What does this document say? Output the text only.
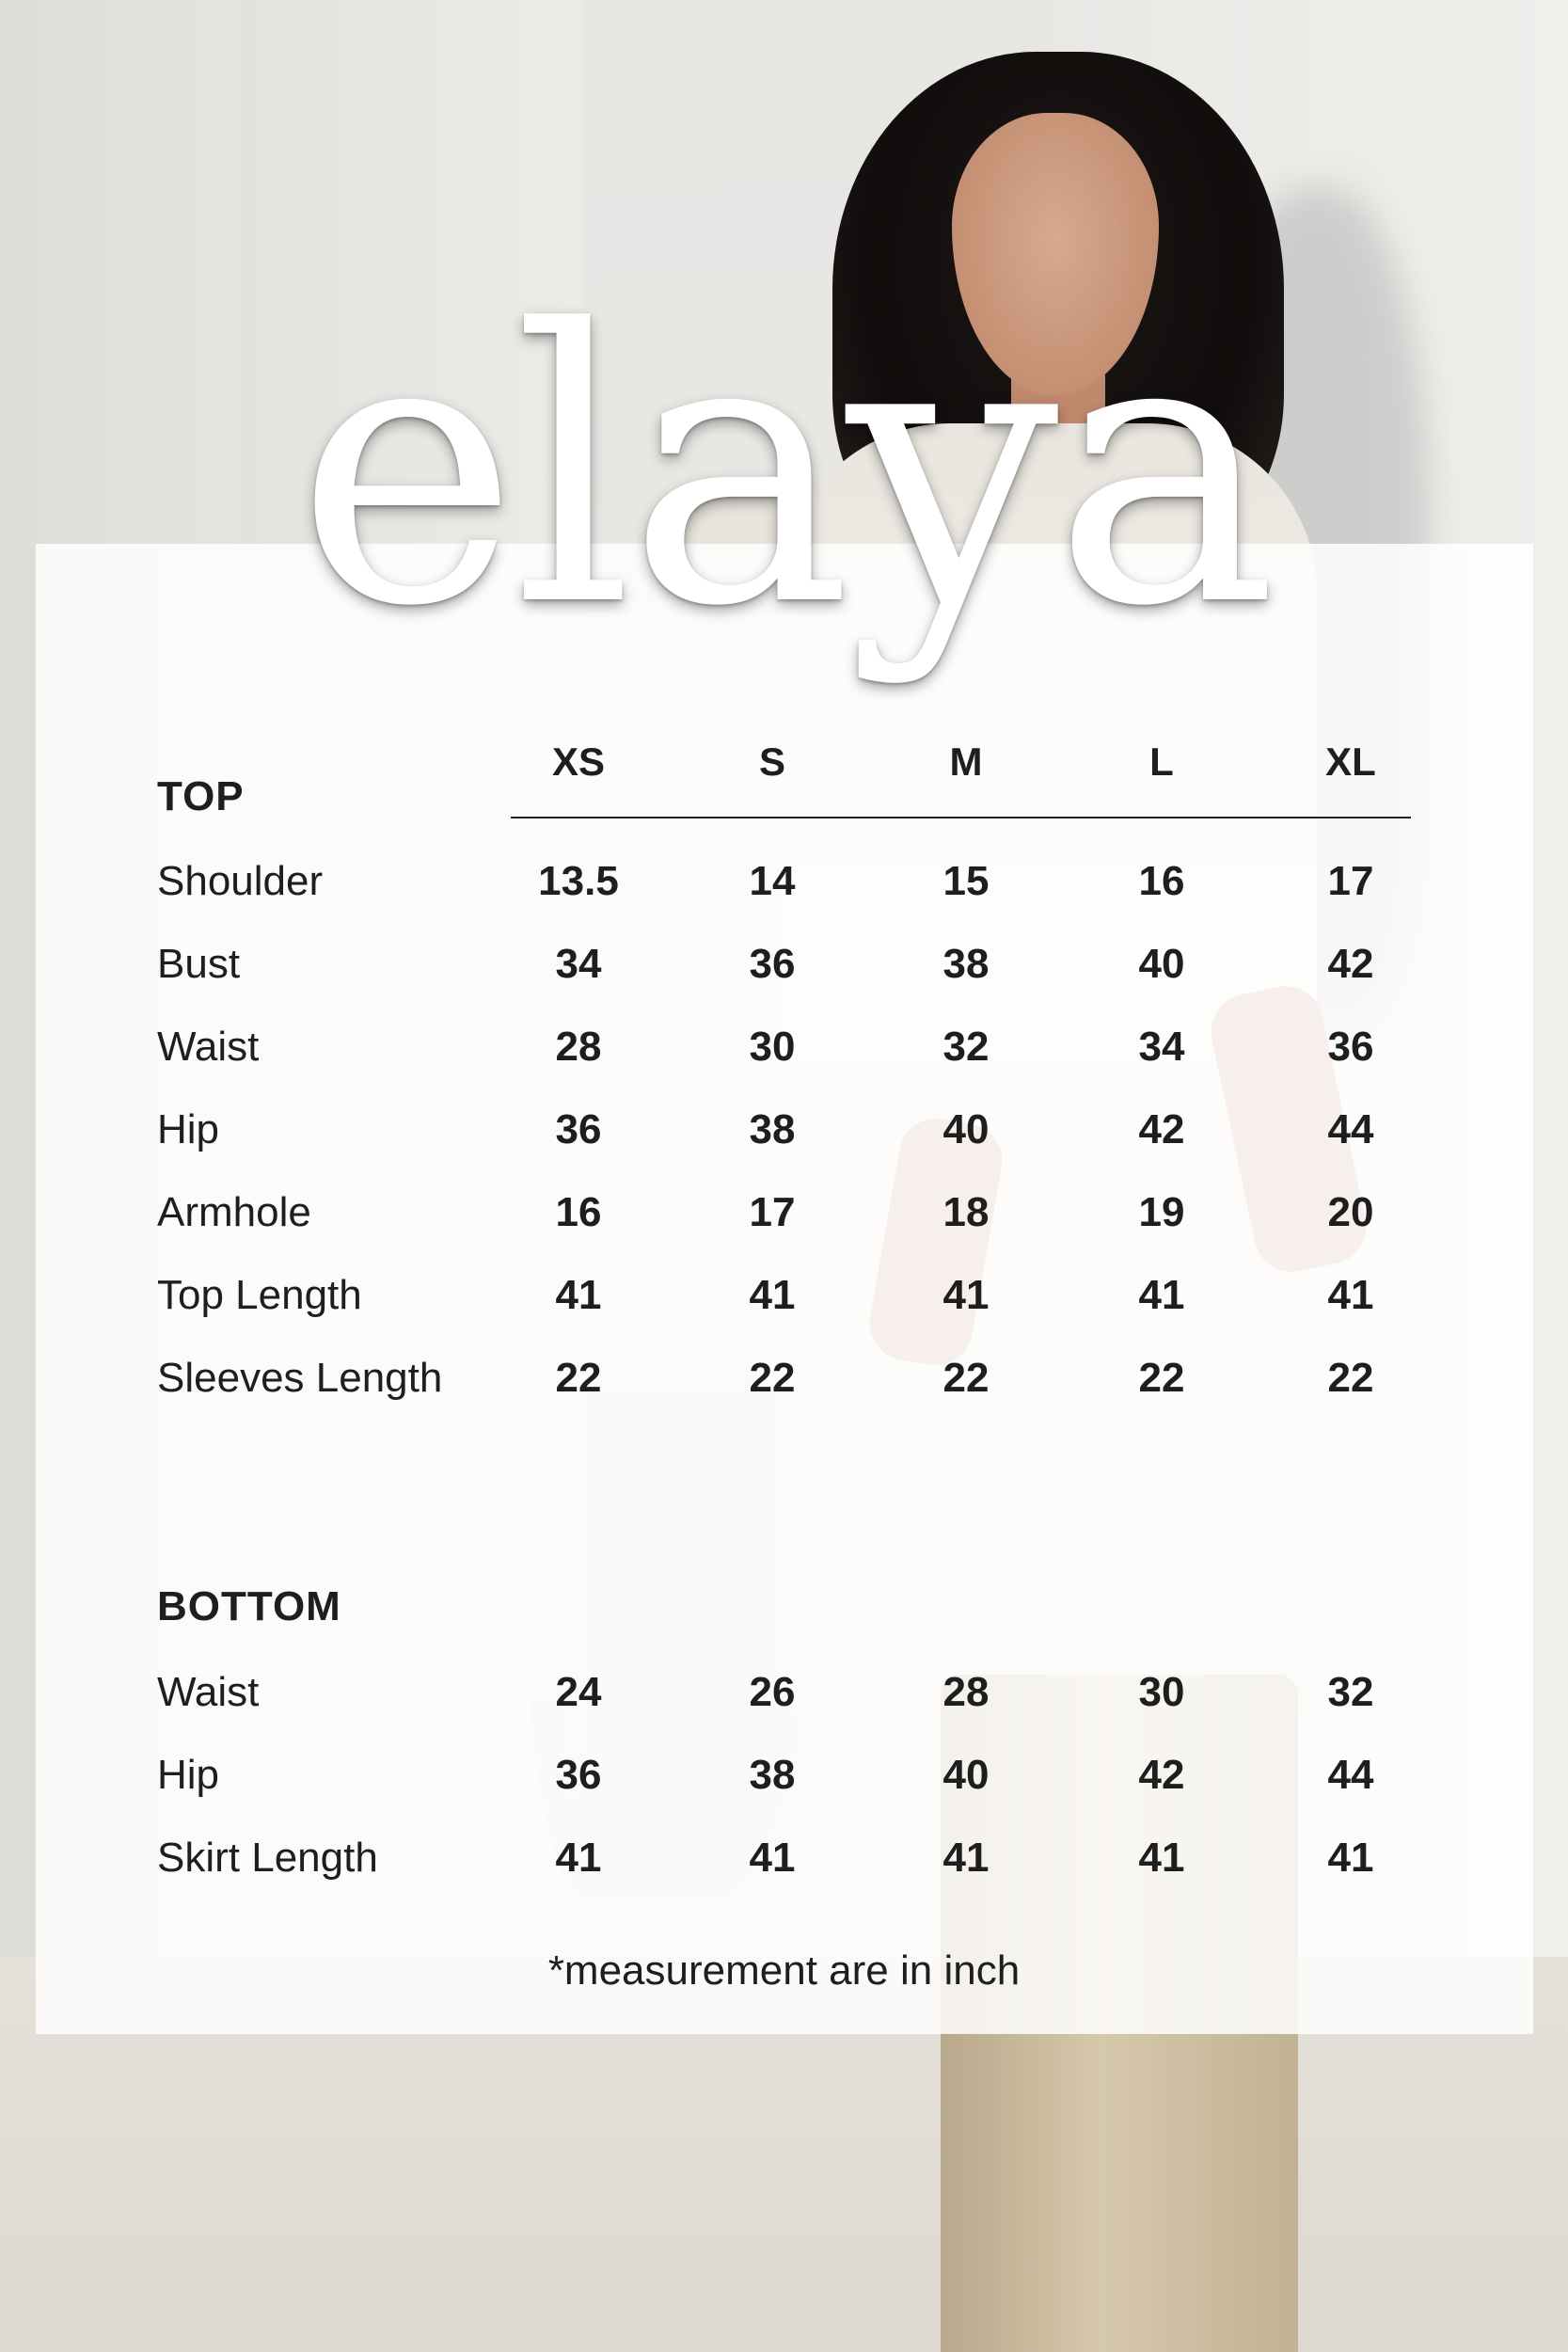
elaya
XS	S	M	L	XL
TOP
Shoulder	13.5	14	15	16	17
Bust	34	36	38	40	42
Waist	28	30	32	34	36
Hip	36	38	40	42	44
Armhole	16	17	18	19	20
Top Length	41	41	41	41	41
Sleeves Length	22	22	22	22	22
BOTTOM
Waist	24	26	28	30	32
Hip	36	38	40	42	44
Skirt Length	41	41	41	41	41
*measurement are in inch
